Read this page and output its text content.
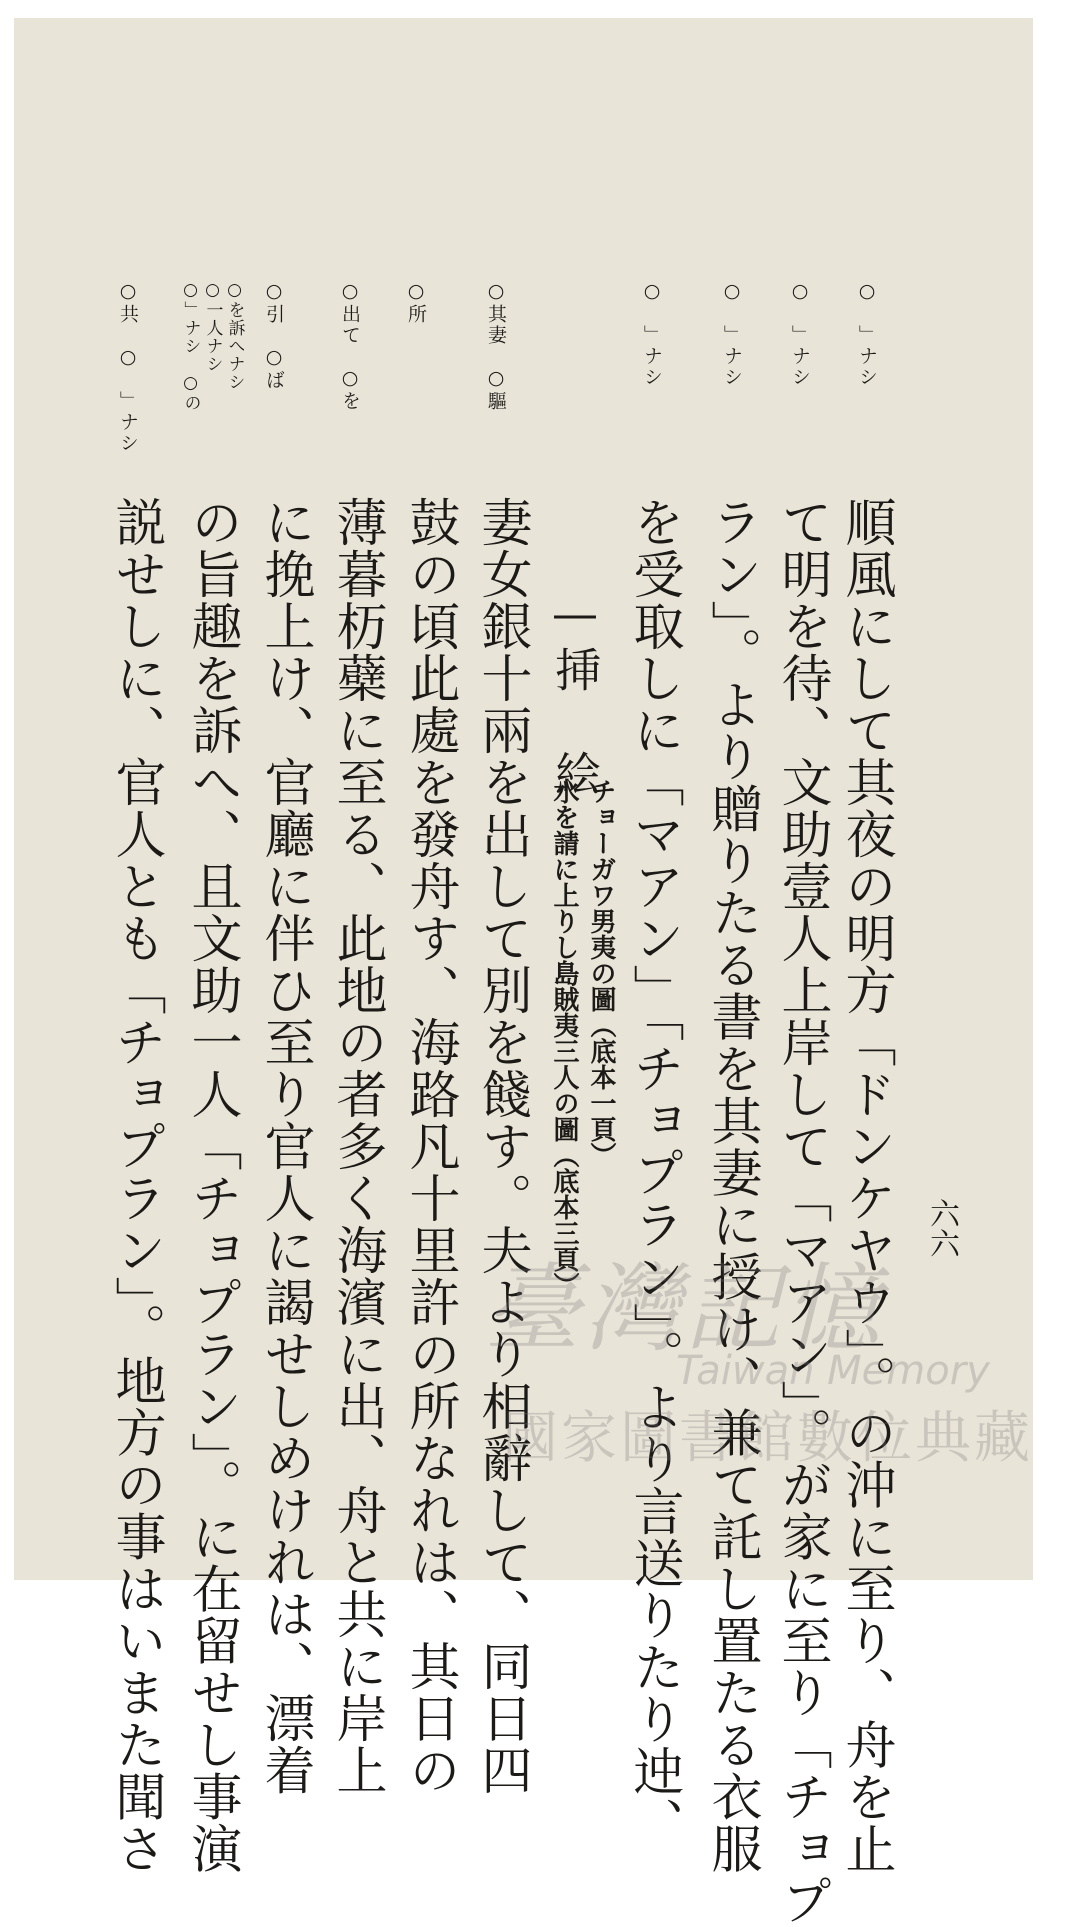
六六
○　」ナシ
○　」ナシ
○　」ナシ
○　」ナシ
○其妻　○驅
○所
○出て　○を
○引　○ば
○を訴へナシ
○一人ナシ
○」ナシ　○の
○共　○　」ナシ
順風にして其夜の明方「ドンケヤウ」。の沖に至り、舟を止
て明を待、文助壹人上岸して「マアン」。が家に至り「チョプ
ラン」。より贈りたる書を其妻に授け、兼て託し置たる衣服
を受取しに「マアン」「チョプラン」。より言送りたり迚、
—挿　絵
チョーガワ男夷の圖（底本一頁）
水を請に上りし島賊夷三人の圖（底本三頁）
妻女銀十兩を出して別を餞す。夫より相辭して、同日四
鼓の頃此處を發舟す、海路凡十里許の所なれは、其日の
薄暮杤蘗に至る、此地の者多く海濱に出、舟と共に岸上
に挽上け、官廳に伴ひ至り官人に謁せしめけれは、漂着
の旨趣を訴へ、且文助一人「チョプラン」。に在留せし事演
説せしに、官人とも「チョプラン」。地方の事はいまた聞さ	臺灣記憶
Taiwan Memory
國家圖書館數位典藏
